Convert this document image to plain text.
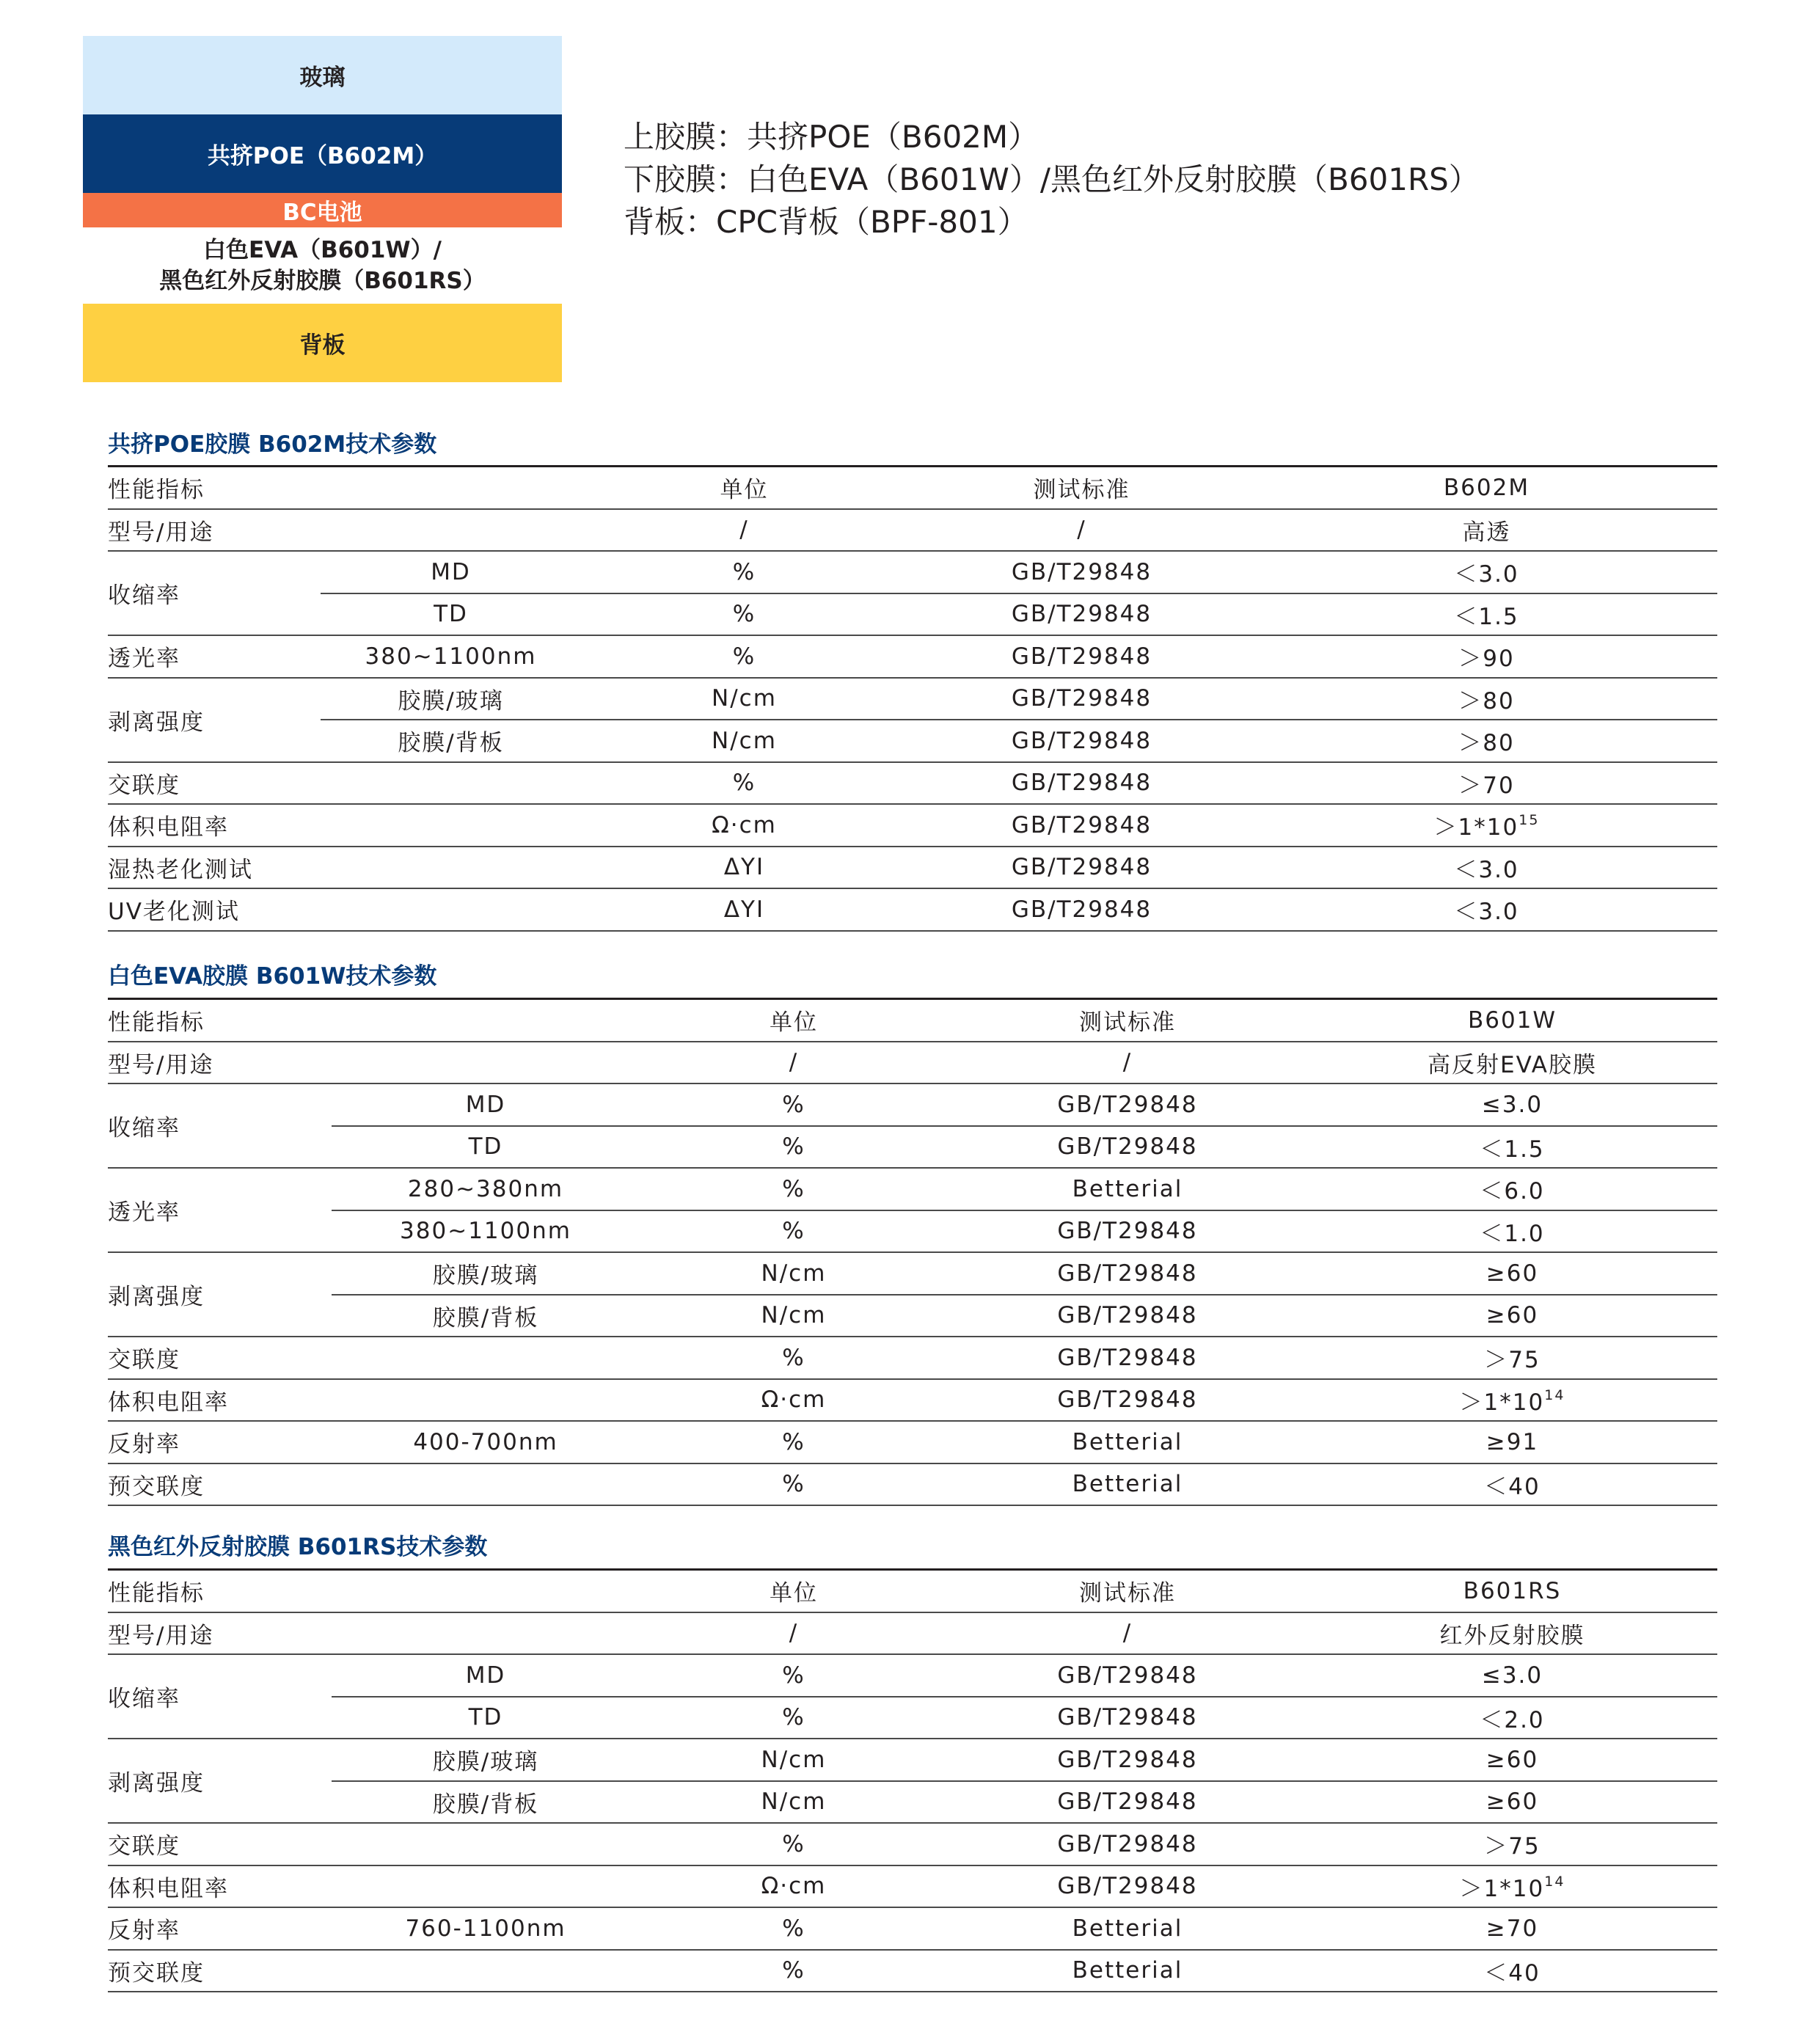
玻璃
共挤POE（B602M）
BC电池
白色EVA（B601W）/
黑色红外反射胶膜（B601RS）
背板
上胶膜：共挤POE（B602M）
下胶膜：白色EVA（B601W）/黑色红外反射胶膜（B601RS）
背板：CPC背板（BPF-801）
共挤POE胶膜 B602M技术参数
性能指标		单位	测试标准	B602M
型号/用途		/	/	高透
收缩率	MD	%	GB/T29848	＜3.0
	TD	%	GB/T29848	＜1.5
透光率	380~1100nm	%	GB/T29848	＞90
剥离强度	胶膜/玻璃	N/cm	GB/T29848	＞80
	胶膜/背板	N/cm	GB/T29848	＞80
交联度		%	GB/T29848	＞70
体积电阻率		Ω·cm	GB/T29848	$>1*10^{15}$
湿热老化测试		ΔYI	GB/T29848	＜3.0
UV老化测试		ΔYI	GB/T29848	＜3.0
白色EVA胶膜 B601W技术参数
性能指标		单位	测试标准	B601W
型号/用途		/	/	高反射EVA胶膜
收缩率	MD	%	GB/T29848	≤3.0
	TD	%	GB/T29848	＜1.5
透光率	280~380nm	%	Betterial	＜6.0
	380~1100nm	%	GB/T29848	＜1.0
剥离强度	胶膜/玻璃	N/cm	GB/T29848	≥60
	胶膜/背板	N/cm	GB/T29848	≥60
交联度		%	GB/T29848	＞75
体积电阻率		Ω·cm	GB/T29848	$>1*10^{14}$
反射率	400-700nm	%	Betterial	≥91
预交联度		%	Betterial	＜40
黑色红外反射胶膜 B601RS技术参数
性能指标		单位	测试标准	B601RS
型号/用途		/	/	红外反射胶膜
收缩率	MD	%	GB/T29848	≤3.0
	TD	%	GB/T29848	＜2.0
剥离强度	胶膜/玻璃	N/cm	GB/T29848	≥60
	胶膜/背板	N/cm	GB/T29848	≥60
交联度		%	GB/T29848	＞75
体积电阻率		Ω·cm	GB/T29848	$>1*10^{14}$
反射率	760-1100nm	%	Betterial	≥70
预交联度		%	Betterial	＜40
